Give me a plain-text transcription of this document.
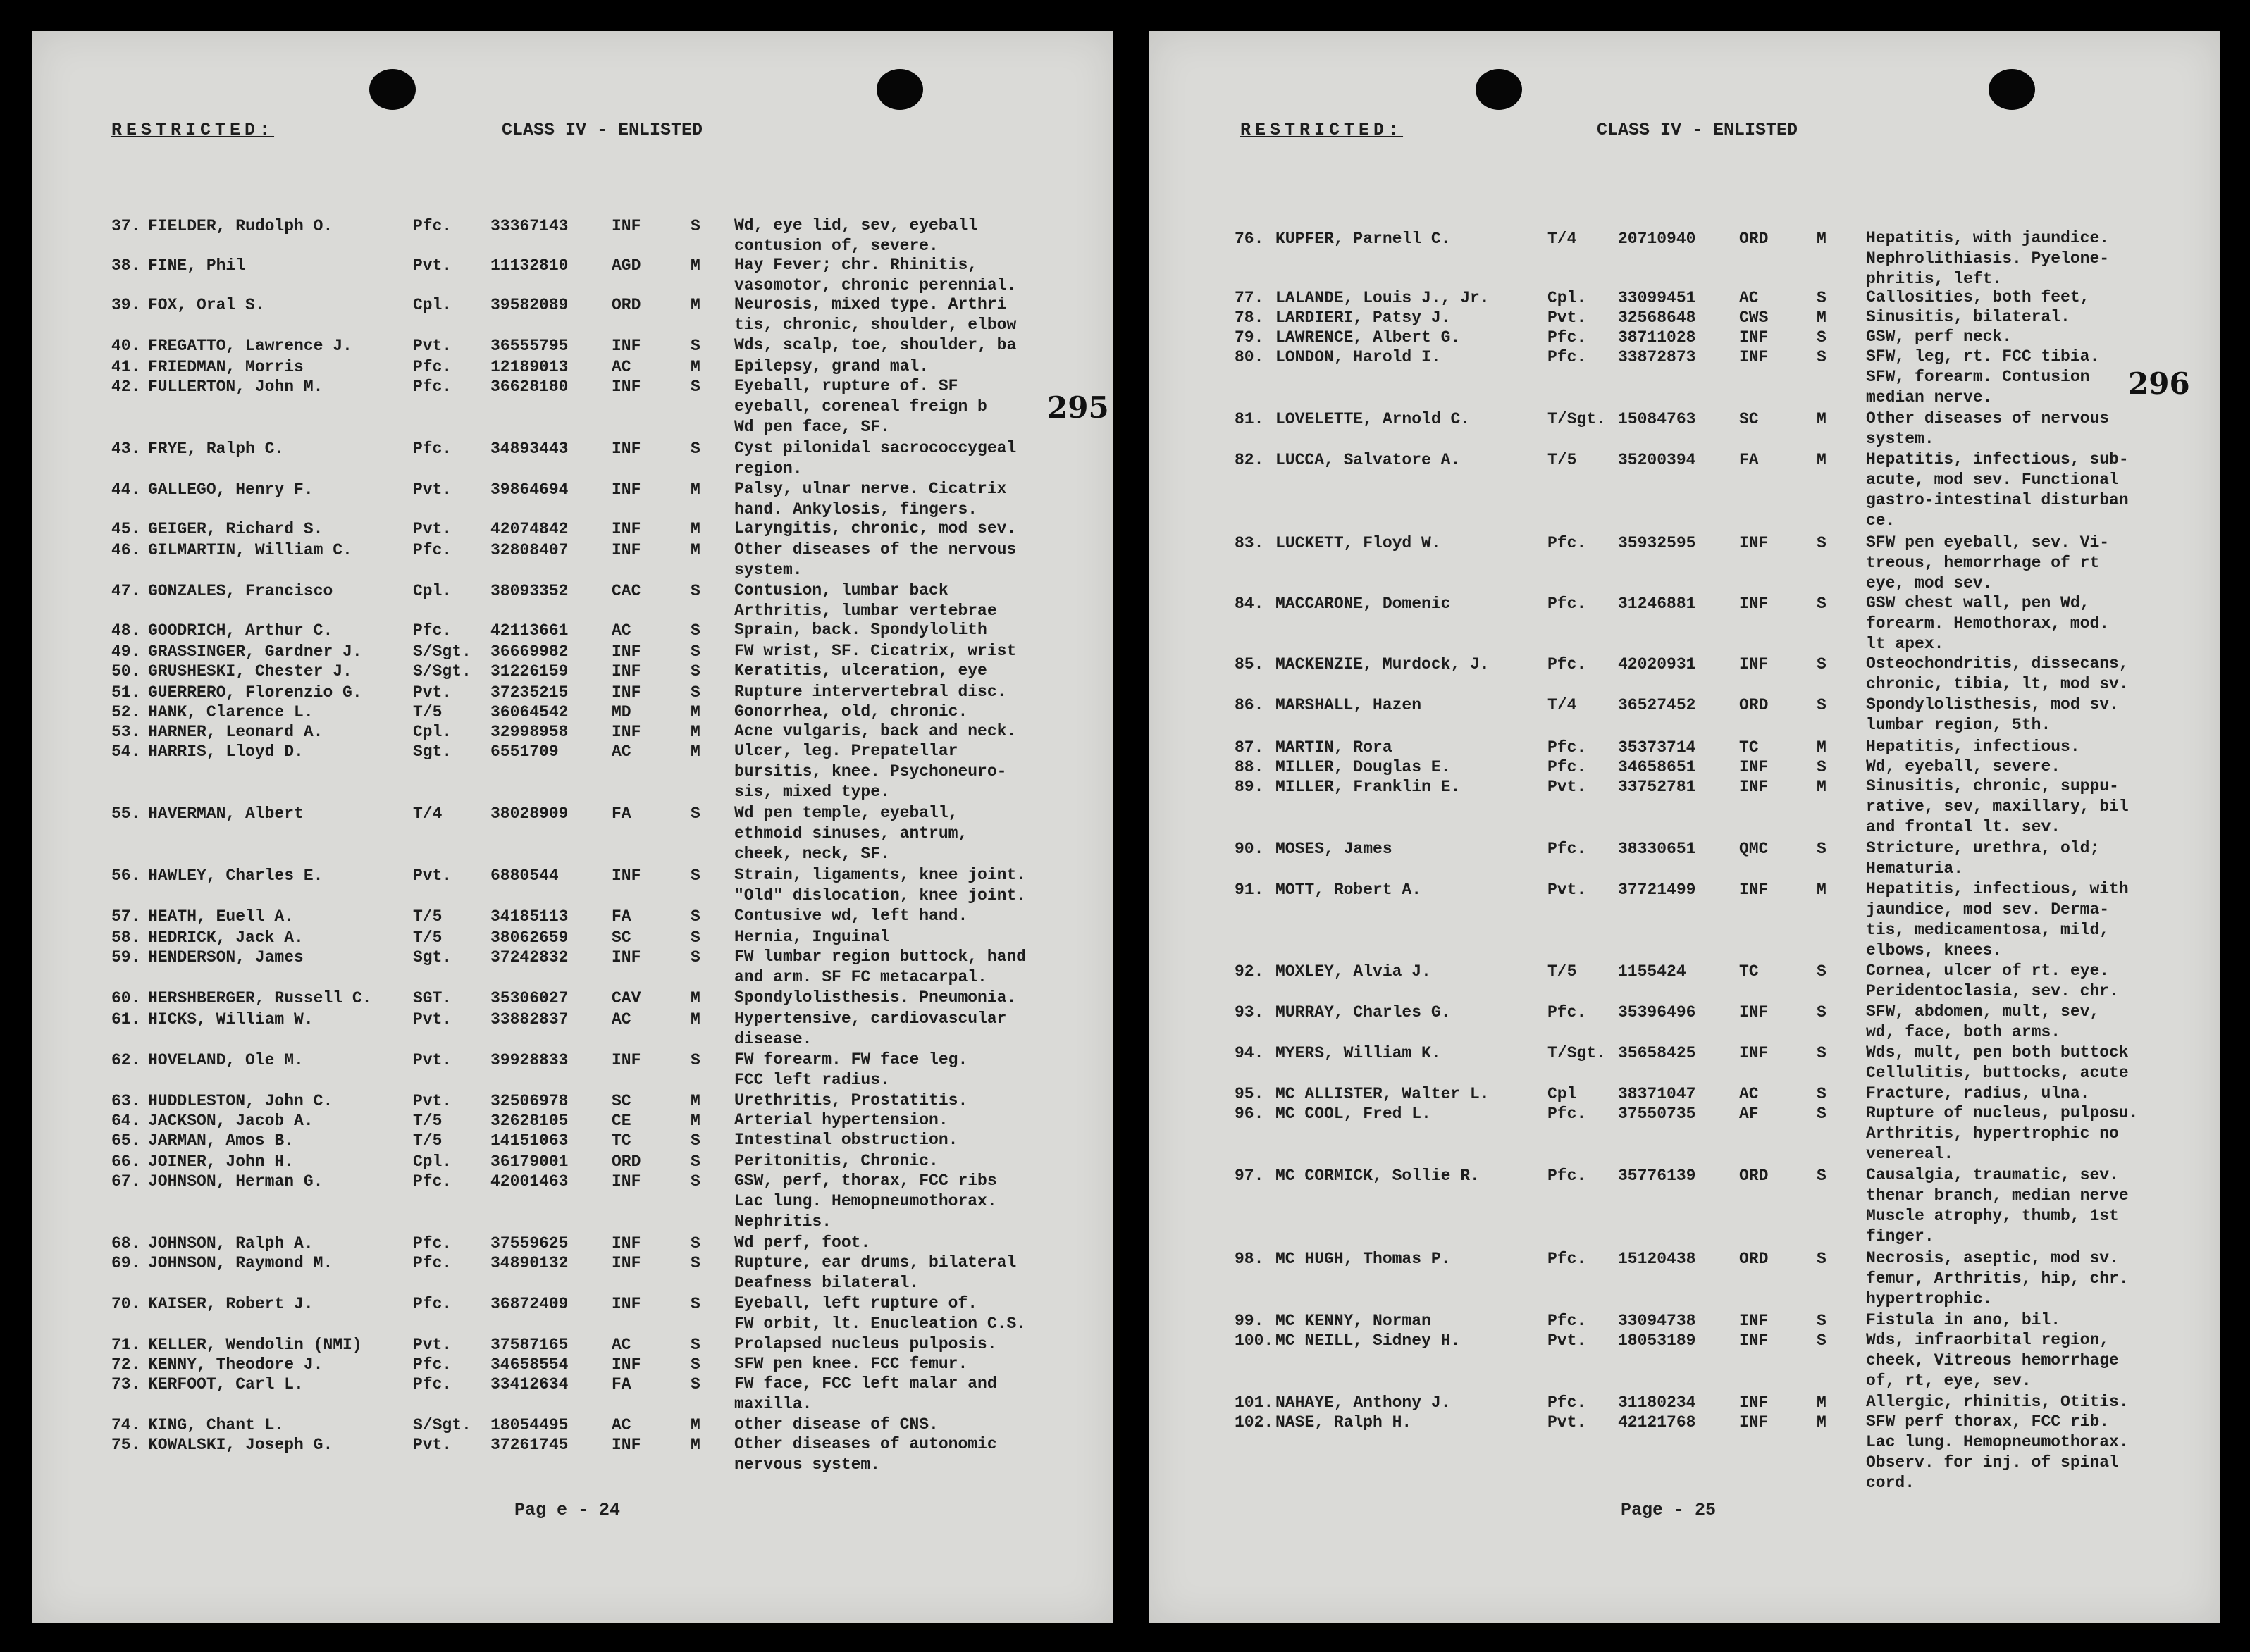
RESTRICTED:	CLASS IV - ENLISTED
295
37. FIELDER, Rudolph O.	Pfc. 33367143	INF	S Wd, eye lid, sev, eyeball
contusion of, severe.
38. FINE, Phil	Pvt. 11132810	AGD	M Hay Fever; chr. Rhinitis,
vasomotor, chronic perennial.
39. FOX, Oral S.	Cpl. 39582089	ORD	M Neurosis, mixed type. Arthri
tis, chronic, shoulder, elbow
40. FREGATTO, Lawrence J.	Pvt. 36555795	INF	S Wds, scalp, toe, shoulder, ba
41. FRIEDMAN, Morris	Pfc. 12189013	AC	M Epilepsy, grand mal.
42. FULLERTON, John M.	Pfc. 36628180	INF	S Eyeball, rupture of. SF
eyeball, coreneal freign b
Wd pen face, SF.
43. FRYE, Ralph C.	Pfc. 34893443	INF	S Cyst pilonidal sacrococcygeal
region.
44. GALLEGO, Henry F.	Pvt. 39864694	INF	M Palsy, ulnar nerve. Cicatrix
hand. Ankylosis, fingers.
45. GEIGER, Richard S.	Pvt. 42074842	INF	M Laryngitis, chronic, mod sev.
46. GILMARTIN, William C.	Pfc. 32808407	INF	M Other diseases of the nervous
system.
47. GONZALES, Francisco	Cpl. 38093352	CAC	S Contusion, lumbar back
Arthritis, lumbar vertebrae
48. GOODRICH, Arthur C.	Pfc. 42113661	AC	S Sprain, back. Spondylolith
49. GRASSINGER, Gardner J.	S/Sgt. 36669982	INF	S FW wrist, SF. Cicatrix, wrist
50. GRUSHESKI, Chester J.	S/Sgt. 31226159	INF	S Keratitis, ulceration, eye
51. GUERRERO, Florenzio G.	Pvt. 37235215	INF	S Rupture intervertebral disc.
52. HANK, Clarence L.	T/5	36064542	MD	M Gonorrhea, old, chronic.
53. HARNER, Leonard A.	Cpl. 32998958	INF	M Acne vulgaris, back and neck.
54. HARRIS, Lloyd D.	Sgt. 6551709	AC	M Ulcer, leg. Prepatellar
bursitis, knee. Psychoneuro-
sis, mixed type.
55. HAVERMAN, Albert	T/4	38028909	FA	S Wd pen temple, eyeball,
ethmoid sinuses, antrum,
cheek, neck, SF.
56. HAWLEY, Charles E.	Pvt. 6880544	INF	S Strain, ligaments, knee joint.
"Old" dislocation, knee joint.
57. HEATH, Euell A.	T/5	34185113	FA	S Contusive wd, left hand.
58. HEDRICK, Jack A.	T/5	38062659	SC	S Hernia, Inguinal
59. HENDERSON, James	Sgt. 37242832	INF	S FW lumbar region buttock, hand
and arm. SF FC metacarpal.
60. HERSHBERGER, Russell C.	SGT. 35306027	CAV	M Spondylolisthesis. Pneumonia.
61. HICKS, William W.	Pvt. 33882837	AC	M Hypertensive, cardiovascular
disease.
62. HOVELAND, Ole M.	Pvt. 39928833	INF	S FW forearm. FW face leg.
FCC left radius.
63. HUDDLESTON, John C.	Pvt. 32506978	SC	M Urethritis, Prostatitis.
64. JACKSON, Jacob A.	T/5	32628105	CE	M Arterial hypertension.
65. JARMAN, Amos B.	T/5	14151063	TC	S Intestinal obstruction.
66. JOINER, John H.	Cpl. 36179001	ORD	S Peritonitis, Chronic.
67. JOHNSON, Herman G.	Pfc. 42001463	INF	S GSW, perf, thorax, FCC ribs
Lac lung. Hemopneumothorax.
Nephritis.
68. JOHNSON, Ralph A.	Pfc. 37559625	INF	S Wd perf, foot.
69. JOHNSON, Raymond M.	Pfc. 34890132	INF	S Rupture, ear drums, bilateral
Deafness bilateral.
70. KAISER, Robert J.	Pfc. 36872409	INF	S Eyeball, left rupture of.
FW orbit, lt. Enucleation C.S.
71. KELLER, Wendolin (NMI)	Pvt. 37587165	AC	S Prolapsed nucleus pulposis.
72. KENNY, Theodore J.	Pfc. 34658554	INF	S SFW pen knee. FCC femur.
73. KERFOOT, Carl L.	Pfc. 33412634	FA	S FW face, FCC left malar and
maxilla.
74. KING, Chant L.	S/Sgt. 18054495	AC	M other disease of CNS.
75. KOWALSKI, Joseph G.	Pvt. 37261745	INF	M Other diseases of autonomic
nervous system.
Pag e - 24
RESTRICTED:	CLASS IV - ENLISTED
296
76. KUPFER, Parnell C.	T/4	20710940	ORD	M Hepatitis, with jaundice.
Nephrolithiasis. Pyelone-
phritis, left.
77. LALANDE, Louis J., Jr.	Cpl. 33099451	AC	S Callosities, both feet,
78. LARDIERI, Patsy J.	Pvt. 32568648	CWS	M Sinusitis, bilateral.
79. LAWRENCE, Albert G.	Pfc. 38711028	INF	S GSW, perf neck.
80. LONDON, Harold I.	Pfc. 33872873	INF	S SFW, leg, rt. FCC tibia.
SFW, forearm. Contusion
median nerve.
81. LOVELETTE, Arnold C.	T/Sgt. 15084763	SC	M Other diseases of nervous
system.
82. LUCCA, Salvatore A.	T/5	35200394	FA	M Hepatitis, infectious, sub-
acute, mod sev. Functional
gastro-intestinal disturban
ce.
83. LUCKETT, Floyd W.	Pfc. 35932595	INF	S SFW pen eyeball, sev. Vi-
treous, hemorrhage of rt
eye, mod sev.
84. MACCARONE, Domenic	Pfc. 31246881	INF	S GSW chest wall, pen Wd,
forearm. Hemothorax, mod.
lt apex.
85. MACKENZIE, Murdock, J.	Pfc. 42020931	INF	S Osteochondritis, dissecans,
chronic, tibia, lt, mod sv.
86. MARSHALL, Hazen	T/4	36527452	ORD	S Spondylolisthesis, mod sv.
lumbar region, 5th.
87. MARTIN, Rora	Pfc. 35373714	TC	M Hepatitis, infectious.
88. MILLER, Douglas E.	Pfc. 34658651	INF	S Wd, eyeball, severe.
89. MILLER, Franklin E.	Pvt. 33752781	INF	M Sinusitis, chronic, suppu-
rative, sev, maxillary, bil
and frontal lt. sev.
90. MOSES, James	Pfc. 38330651	QMC	S Stricture, urethra, old;
Hematuria.
91. MOTT, Robert A.	Pvt. 37721499	INF	M Hepatitis, infectious, with
jaundice, mod sev. Derma-
tis, medicamentosa, mild,
elbows, knees.
92. MOXLEY, Alvia J.	T/5	1155424	TC	S Cornea, ulcer of rt. eye.
Peridentoclasia, sev. chr.
93. MURRAY, Charles G.	Pfc. 35396496	INF	S SFW, abdomen, mult, sev,
wd, face, both arms.
94. MYERS, William K.	T/Sgt. 35658425	INF	S Wds, mult, pen both buttock
Cellulitis, buttocks, acute
95. MC ALLISTER, Walter L.	Cpl	38371047	AC	S Fracture, radius, ulna.
96. MC COOL, Fred L.	Pfc. 37550735	AF	S Rupture of nucleus, pulposu.
Arthritis, hypertrophic no
venereal.
97. MC CORMICK, Sollie R.	Pfc. 35776139	ORD	S Causalgia, traumatic, sev.
thenar branch, median nerve
Muscle atrophy, thumb, 1st
finger.
98. MC HUGH, Thomas P.	Pfc. 15120438	ORD	S Necrosis, aseptic, mod sv.
femur, Arthritis, hip, chr.
hypertrophic.
99. MC KENNY, Norman	Pfc. 33094738	INF	S Fistula in ano, bil.
100. MC NEILL, Sidney H.	Pvt. 18053189	INF	S Wds, infraorbital region,
cheek, Vitreous hemorrhage
of, rt, eye, sev.
101. NAHAYE, Anthony J.	Pfc. 31180234	INF	M Allergic, rhinitis, Otitis.
102. NASE, Ralph H.	Pvt. 42121768	INF	M SFW perf thorax, FCC rib.
Lac lung. Hemopneumothorax.
Observ. for inj. of spinal
cord.
Page - 25
